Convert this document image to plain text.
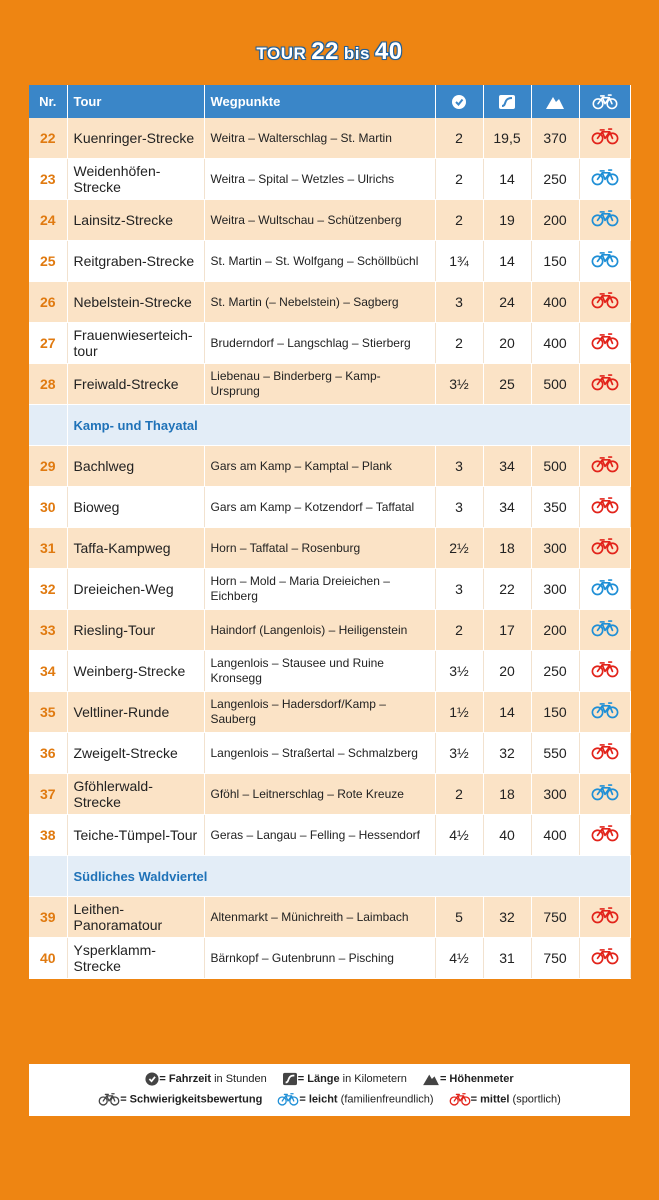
TOUR 22 bis 40
Nr.	Tour	Wegpunkte				
22	Kuenringer-Strecke	Weitra – Walterschlag – St. Martin	2	19,5	370	
23	Weidenhöfen-Strecke	Weitra – Spital – Wetzles – Ulrichs	2	14	250	
24	Lainsitz-Strecke	Weitra – Wultschau – Schützenberg	2	19	200	
25	Reitgraben-Strecke	St. Martin – St. Wolfgang – Schöllbüchl	1¾	14	150	
26	Nebelstein-Strecke	St. Martin (– Nebelstein) – Sagberg	3	24	400	
27	Frauenwieserteich-tour	Bruderndorf – Langschlag – Stierberg	2	20	400	
28	Freiwald-Strecke	Liebenau – Binderberg – Kamp-Ursprung	3½	25	500	
	Kamp- und Thayatal					
29	Bachlweg	Gars am Kamp – Kamptal – Plank	3	34	500	
30	Bioweg	Gars am Kamp – Kotzendorf – Taffatal	3	34	350	
31	Taffa-Kampweg	Horn – Taffatal – Rosenburg	2½	18	300	
32	Dreieichen-Weg	Horn – Mold – Maria Dreieichen – Eichberg	3	22	300	
33	Riesling-Tour	Haindorf (Langenlois) – Heiligenstein	2	17	200	
34	Weinberg-Strecke	Langenlois – Stausee und Ruine Kronsegg	3½	20	250	
35	Veltliner-Runde	Langenlois – Hadersdorf/Kamp – Sauberg	1½	14	150	
36	Zweigelt-Strecke	Langenlois – Straßertal – Schmalzberg	3½	32	550	
37	Gföhlerwald-Strecke	Gföhl – Leitnerschlag – Rote Kreuze	2	18	300	
38	Teiche-Tümpel-Tour	Geras – Langau – Felling – Hessendorf	4½	40	400	
	Südliches Waldviertel					
39	Leithen-Panoramatour	Altenmarkt – Münichreith – Laimbach	5	32	750	
40	Ysperklamm-Strecke	Bärnkopf – Gutenbrunn – Pisching	4½	31	750	
= Fahrzeit in Stunden	= Länge in Kilometern	= Höhenmeter
= Schwierigkeitsbewertung	= leicht (familienfreundlich)	= mittel (sportlich)
